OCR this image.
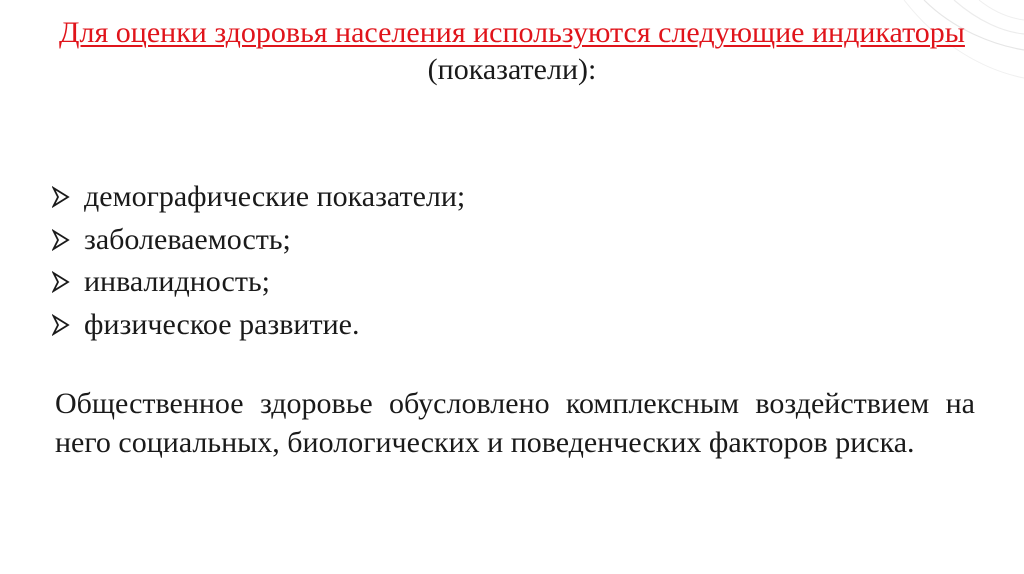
Для оценки здоровья населения используются следующие индикаторы

(показатели):

демографические показатели;
заболеваемость;
инвалидность;
физическое развитие.

Общественное здоровье обусловлено комплексным воздействием на него социальных, биологических и поведенческих факторов риска.
